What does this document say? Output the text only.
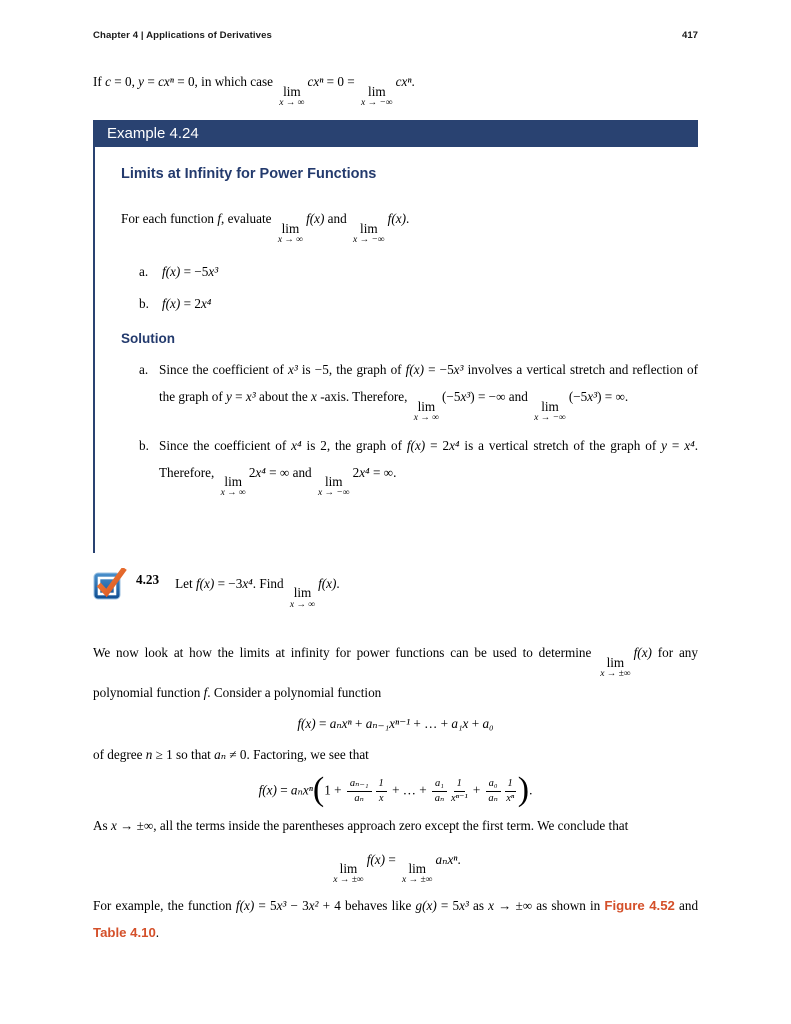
Chapter 4 | Applications of Derivatives	417
If c = 0, y = cxⁿ = 0, in which case
lim
x → ∞
cxⁿ = 0 =
lim
x → −∞
cxⁿ.
Example 4.24
Limits at Infinity for Power Functions
For each function f, evaluate
lim
x → ∞
f(x) and
lim
x → −∞
f(x).
a.	f(x) = −5x³
b. f(x) = 2x⁴
Solution
a. Since the coefficient of x³ is −5, the graph of f(x) = −5x³ involves a vertical stretch and reflection of the graph of y = x³ about the x -axis. Therefore,
lim
x → ∞
(−5x³) = −∞ and
lim
x → −∞
(−5x³) = ∞.
b. Since the coefficient of x⁴ is 2, the graph of f(x) = 2x⁴ is a vertical stretch of the graph of y = x⁴. Therefore,
lim
x → ∞
2x⁴ = ∞ and
lim
x → −∞
2x⁴ = ∞.
4.23 Let f(x) = −3x⁴. Find
lim
x → ∞
f(x).
We now look at how the limits at infinity for power functions can be used to determine
lim
x → ±∞
f(x) for any polynomial function f. Consider a polynomial function
f(x) = aₙxⁿ + aₙ₋₁xⁿ⁻¹ + … + a₁x + a₀
of degree n ≥ 1 so that aₙ ≠ 0. Factoring, we see that
$f(x) = a_nx^n(1 + \frac{\text{aₙ₋₁}}{\text{aₙ}} \frac{1}{x}$ + … + $\frac{\text{a₁}}{\text{aₙ}} \frac{1}{\text{xⁿ⁻¹}} + \frac{\text{a₀}}{\text{aₙ}} \frac{1}{\text{xⁿ}}$ ).
As x → ±∞, all the terms inside the parentheses approach zero except the first term. We conclude that
lim
x → ±∞
f(x) =
lim
x → ±∞
aₙxⁿ.
For example, the function f(x) = 5x³ − 3x² + 4 behaves like g(x) = 5x³ as x → ±∞ as shown in Figure 4.52 and Table 4.10.
